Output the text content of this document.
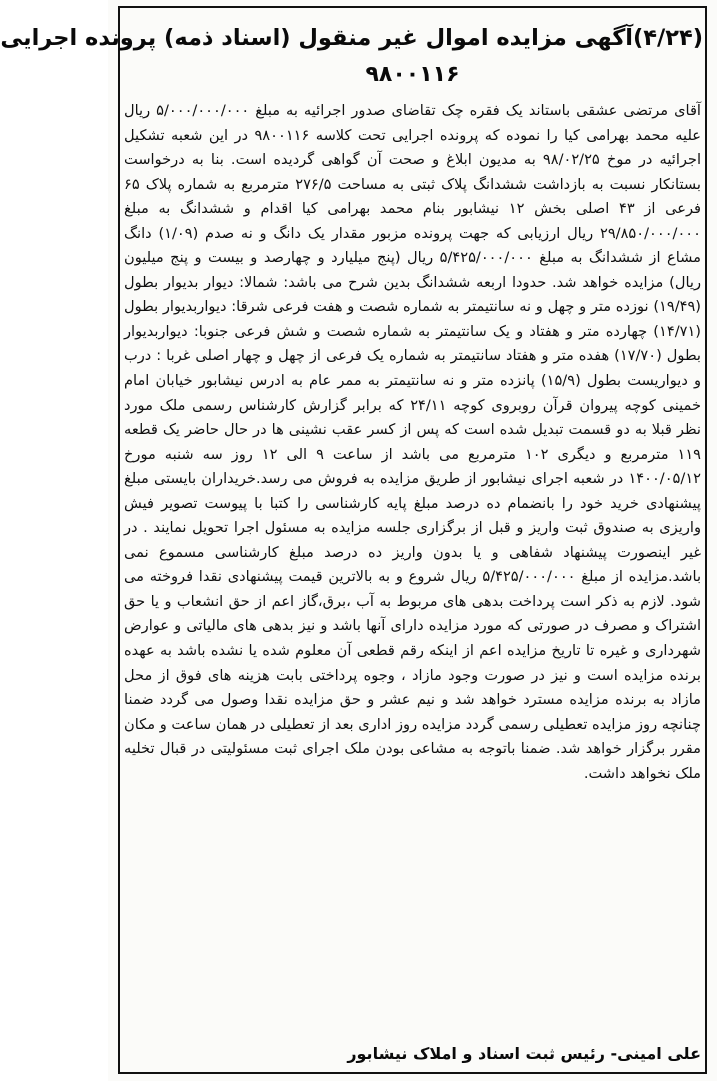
(۴/۲۴)آگهی مزایده اموال غیر منقول (اسناد ذمه) پرونده اجرایی
۹۸۰۰۱۱۶

آقای مرتضی عشقی باستاند یک فقره چک تقاضای صدور اجرائیه به مبلغ ۵/۰۰۰/۰۰۰/۰۰۰ ریال علیه محمد بهرامی کیا را نموده که پرونده اجرایی تحت کلاسه ۹۸۰۰۱۱۶ در این شعبه تشکیل اجرائیه در موخ ۹۸/۰۲/۲۵ به مدیون ابلاغ و صحت آن گواهی گردیده است. بنا به درخواست بستانکار نسبت به بازداشت ششدانگ پلاک ثبتی به مساحت ۲۷۶/۵ مترمربع به شماره پلاک ۶۵ فرعی از ۴۳ اصلی بخش ۱۲ نیشابور بنام محمد بهرامی کیا اقدام و ششدانگ به مبلغ ۲۹/۸۵۰/۰۰۰/۰۰۰ ریال ارزیابی که جهت پرونده مزبور مقدار یک دانگ و نه صدم (۱/۰۹) دانگ مشاع از ششدانگ به مبلغ ۵/۴۲۵/۰۰۰/۰۰۰ ریال (پنج میلیارد و چهارصد و بیست و پنج میلیون ریال) مزایده خواهد شد. حدودا اربعه ششدانگ بدین شرح می باشد: شمالا: دیوار بدیوار بطول (۱۹/۴۹) نوزده متر و چهل و نه سانتیمتر به شماره شصت و هفت فرعی شرقا: دیواربدیوار بطول (۱۴/۷۱) چهارده متر و هفتاد و یک سانتیمتر به شماره شصت و شش فرعی جنوبا: دیواربدیوار بطول (۱۷/۷۰) هفده متر و هفتاد سانتیمتر به شماره یک فرعی از چهل و چهار اصلی غربا : درب و دیواریست بطول (۱۵/۹) پانزده متر و نه سانتیمتر به ممر عام به ادرس نیشابور خیابان امام خمینی کوچه پیروان قرآن روبروی کوچه ۲۴/۱۱ که برابر گزارش کارشناس رسمی ملک مورد نظر قبلا به دو قسمت تبدیل شده است که پس از کسر عقب نشینی ها در حال حاضر یک قطعه ۱۱۹ مترمربع و دیگری ۱۰۲ مترمربع می باشد از ساعت ۹ الی ۱۲ روز سه شنبه مورخ ۱۴۰۰/۰۵/۱۲ در شعبه اجرای نیشابور از طریق مزایده به فروش می رسد.خریداران بایستی مبلغ پیشنهادی خرید خود را بانضمام ده درصد مبلغ پایه کارشناسی را کتبا با پیوست تصویر فیش واریزی به صندوق ثبت واریز و قبل از برگزاری جلسه مزایده به مسئول اجرا تحویل نمایند . در غیر اینصورت پیشنهاد شفاهی و یا بدون واریز ده درصد مبلغ کارشناسی مسموع نمی باشد.مزایده از مبلغ ۵/۴۲۵/۰۰۰/۰۰۰ ریال شروع و به بالاترین قیمت پیشنهادی نقدا فروخته می شود. لازم به ذکر است پرداخت بدهی های مربوط به آب ،برق،گاز اعم از حق انشعاب و یا حق اشتراک و مصرف در صورتی که مورد مزایده دارای آنها باشد و نیز بدهی های مالیاتی و عوارض شهرداری و غیره تا تاریخ مزایده اعم از اینکه رقم قطعی آن معلوم شده یا نشده باشد به عهده برنده مزایده است و نیز در صورت وجود مازاد ، وجوه پرداختی بابت هزینه های فوق از محل مازاد به برنده مزایده مسترد خواهد شد و نیم عشر و حق مزایده نقدا وصول می گردد ضمنا چنانچه روز مزایده تعطیلی رسمی گردد مزایده روز اداری بعد از تعطیلی در همان ساعت و مکان مقرر برگزار خواهد شد. ضمنا باتوجه به مشاعی بودن ملک اجرای ثبت مسئولیتی در قبال تخلیه ملک نخواهد داشت.

علی امینی- رئیس ثبت اسناد و املاک نیشابور
